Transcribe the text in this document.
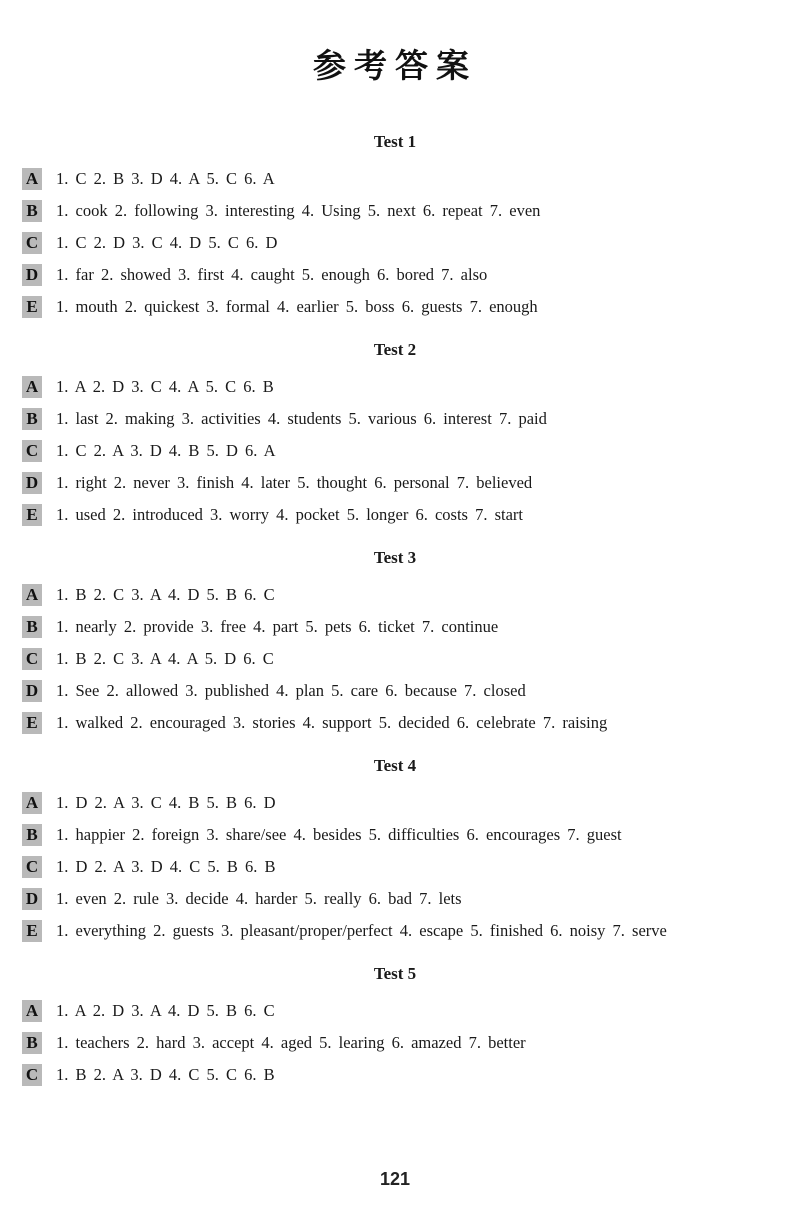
参考答案
Test 1
A 1. C 2. B 3. D 4. A 5. C 6. A
B 1. cook 2. following 3. interesting 4. Using 5. next 6. repeat 7. even
C 1. C 2. D 3. C 4. D 5. C 6. D
D 1. far 2. showed 3. first 4. caught 5. enough 6. bored 7. also
E 1. mouth 2. quickest 3. formal 4. earlier 5. boss 6. guests 7. enough
Test 2
A 1. A 2. D 3. C 4. A 5. C 6. B
B 1. last 2. making 3. activities 4. students 5. various 6. interest 7. paid
C 1. C 2. A 3. D 4. B 5. D 6. A
D 1. right 2. never 3. finish 4. later 5. thought 6. personal 7. believed
E 1. used 2. introduced 3. worry 4. pocket 5. longer 6. costs 7. start
Test 3
A 1. B 2. C 3. A 4. D 5. B 6. C
B 1. nearly 2. provide 3. free 4. part 5. pets 6. ticket 7. continue
C 1. B 2. C 3. A 4. A 5. D 6. C
D 1. See 2. allowed 3. published 4. plan 5. care 6. because 7. closed
E 1. walked 2. encouraged 3. stories 4. support 5. decided 6. celebrate 7. raising
Test 4
A 1. D 2. A 3. C 4. B 5. B 6. D
B 1. happier 2. foreign 3. share/see 4. besides 5. difficulties 6. encourages 7. guest
C 1. D 2. A 3. D 4. C 5. B 6. B
D 1. even 2. rule 3. decide 4. harder 5. really 6. bad 7. lets
E 1. everything 2. guests 3. pleasant/proper/perfect 4. escape 5. finished 6. noisy 7. serve
Test 5
A 1. A 2. D 3. A 4. D 5. B 6. C
B 1. teachers 2. hard 3. accept 4. aged 5. learing 6. amazed 7. better
C 1. B 2. A 3. D 4. C 5. C 6. B
121
